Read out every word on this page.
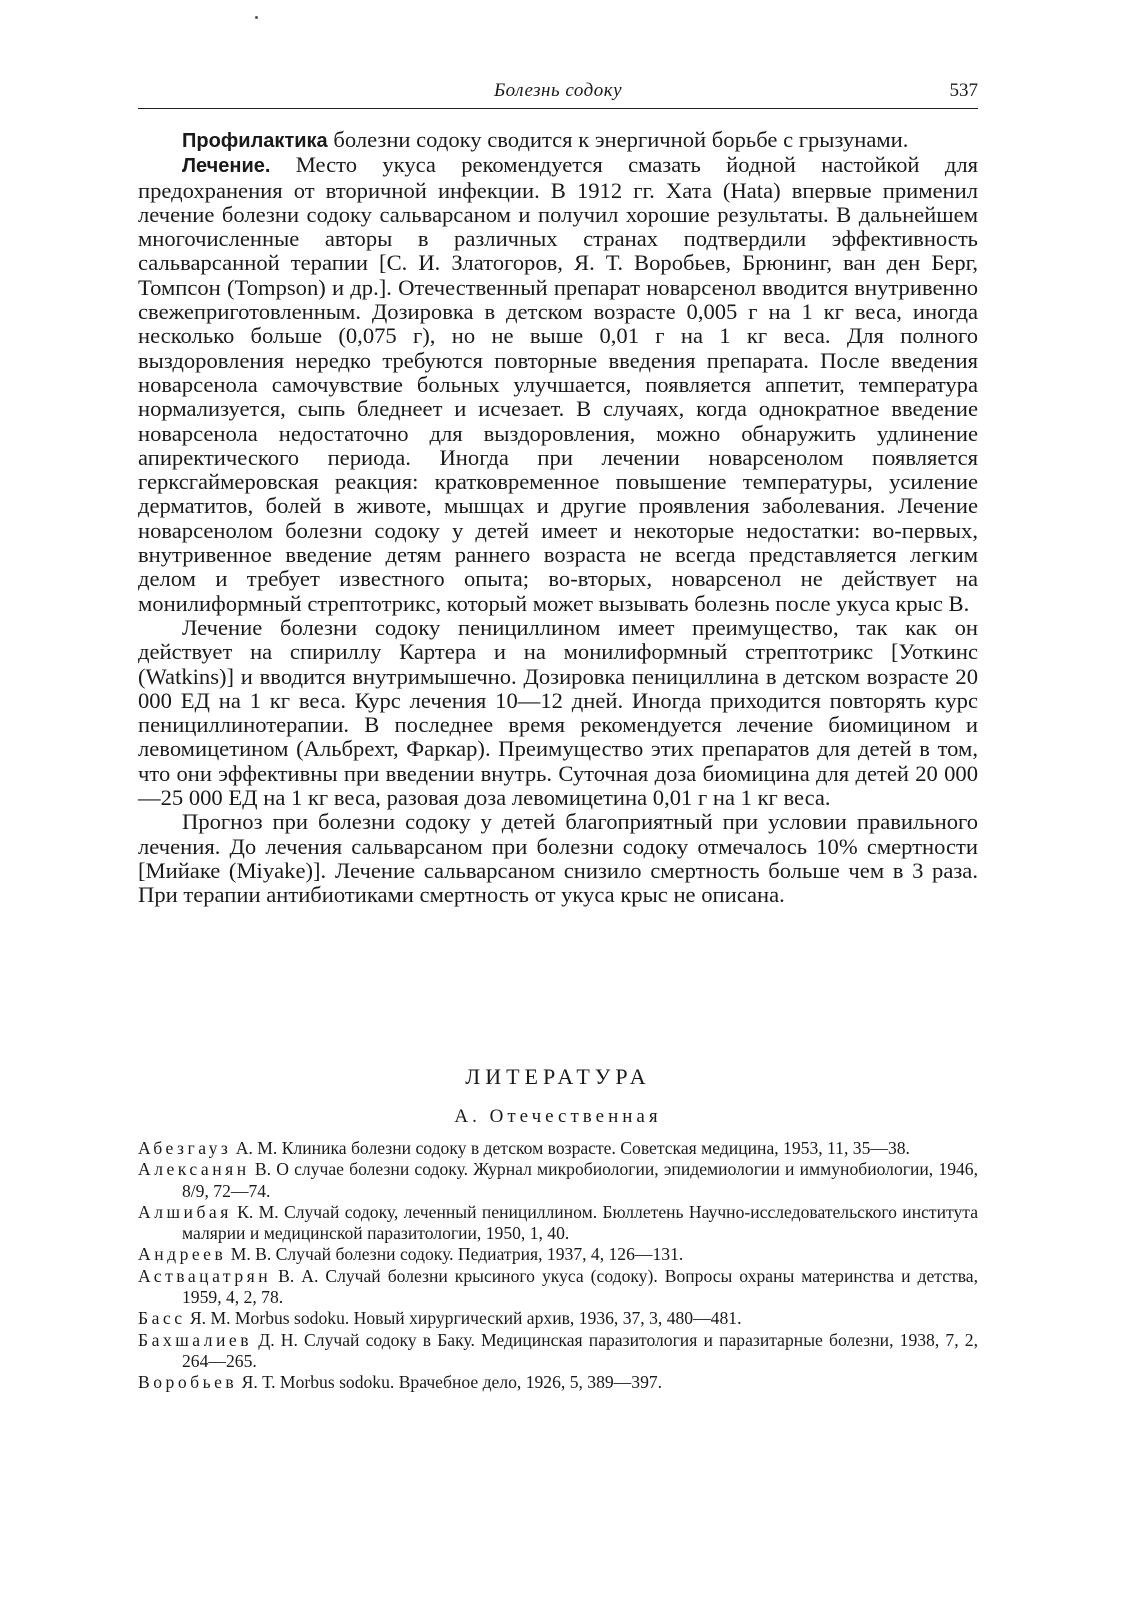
Болезнь содоку	537

Профилактика болезни содоку сводится к энергичной борьбе с грызунами.

Лечение. Место укуса рекомендуется смазать йодной настойкой для предохранения от вторичной инфекции. В 1912 гг. Хата (Hata) впервые применил лечение болезни содоку сальварсаном и получил хорошие результаты. В дальнейшем многочисленные авторы в различных странах подтвердили эффективность сальварсанной терапии [С. И. Златогоров, Я. Т. Воробьев, Брюнинг, ван ден Берг, Томпсон (Tompson) и др.]. Отечественный препарат новарсенол вводится внутривенно свежеприготовленным. Дозировка в детском возрасте 0,005 г на 1 кг веса, иногда несколько больше (0,075 г), но не выше 0,01 г на 1 кг веса. Для полного выздоровления нередко требуются повторные введения препарата. После введения новарсенола самочувствие больных улучшается, появляется аппетит, температура нормализуется, сыпь бледнеет и исчезает. В случаях, когда однократное введение новарсенола недостаточно для выздоровления, можно обнаружить удлинение апиректического периода. Иногда при лечении новарсенолом появляется герксгаймеровская реакция: кратковременное повышение температуры, усиление дерматитов, болей в животе, мышцах и другие проявления заболевания. Лечение новарсенолом болезни содоку у детей имеет и некоторые недостатки: во-первых, внутривенное введение детям раннего возраста не всегда представляется легким делом и требует известного опыта; во-вторых, новарсенол не действует на монилиформный стрептотрикс, который может вызывать болезнь после укуса крыс B.

Лечение болезни содоку пенициллином имеет преимущество, так как он действует на спириллу Картера и на монилиформный стрептотрикс [Уоткинс (Watkins)] и вводится внутримышечно. Дозировка пенициллина в детском возрасте 20 000 ЕД на 1 кг веса. Курс лечения 10—12 дней. Иногда приходится повторять курс пенициллинотерапии. В последнее время рекомендуется лечение биомицином и левомицетином (Альбрехт, Фаркар). Преимущество этих препаратов для детей в том, что они эффективны при введении внутрь. Суточная доза биомицина для детей 20 000—25 000 ЕД на 1 кг веса, разовая доза левомицетина 0,01 г на 1 кг веса.

Прогноз при болезни содоку у детей благоприятный при условии правильного лечения. До лечения сальварсаном при болезни содоку отмечалось 10% смертности [Мийаке (Miyake)]. Лечение сальварсаном снизило смертность больше чем в 3 раза. При терапии антибиотиками смертность от укуса крыс не описана.

ЛИТЕРАТУРА
А. Отечественная
Абезгауз А. М. Клиника болезни содоку в детском возрасте. Советская медицина, 1953, 11, 35—38.
Алексанян В. О случае болезни содоку. Журнал микробиологии, эпидемиологии и иммунобиологии, 1946, 8/9, 72—74.
Алшибая К. М. Случай содоку, леченный пенициллином. Бюллетень Научно-исследовательского института малярии и медицинской паразитологии, 1950, 1, 40.
Андреев М. В. Случай болезни содоку. Педиатрия, 1937, 4, 126—131.
Аствацатрян В. А. Случай болезни крысиного укуса (содоку). Вопросы охраны материнства и детства, 1959, 4, 2, 78.
Басс Я. М. Morbus sodoku. Новый хирургический архив, 1936, 37, 3, 480—481.
Бахшалиев Д. Н. Случай содоку в Баку. Медицинская паразитология и паразитарные болезни, 1938, 7, 2, 264—265.
Воробьев Я. Т. Morbus sodoku. Врачебное дело, 1926, 5, 389—397.
